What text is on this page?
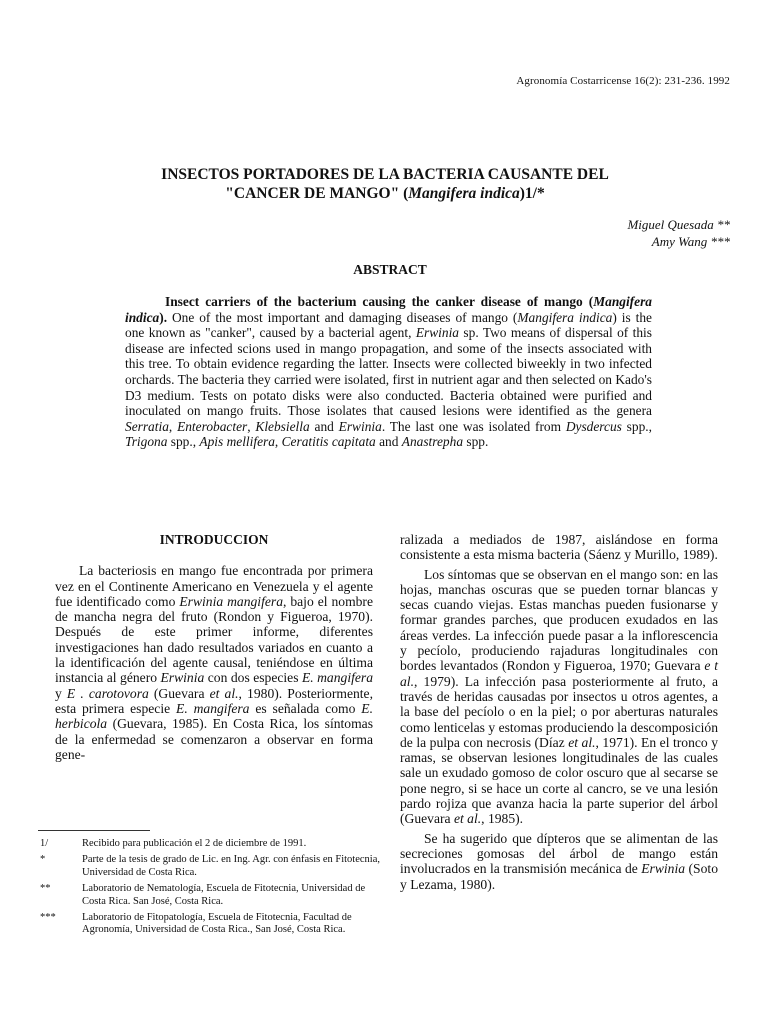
Agronomía Costarricense 16(2): 231-236. 1992
INSECTOS PORTADORES DE LA BACTERIA CAUSANTE DEL
"CANCER DE MANGO" (Mangifera indica)1/*
Miguel Quesada **
Amy Wang ***
ABSTRACT

Insect carriers of the bacterium causing the canker disease of mango (Mangifera indica). One of the most important and damaging diseases of mango (Mangifera indica) is the one known as "canker", caused by a bacterial agent, Erwinia sp. Two means of dispersal of this disease are infected scions used in mango propagation, and some of the insects associated with this tree. To obtain evidence regarding the latter. Insects were collected biweekly in two infected orchards. The bacteria they carried were isolated, first in nutrient agar and then selected on Kado's D3 medium. Tests on potato disks were also conducted. Bacteria obtained were purified and inoculated on mango fruits. Those isolates that caused lesions were identified as the genera Serratia, Enterobacter, Klebsiella and Erwinia. The last one was isolated from Dysdercus spp., Trigona spp., Apis mellifera, Ceratitis capitata and Anastrepha spp.

INTRODUCCION

La bacteriosis en mango fue encontrada por primera vez en el Continente Americano en Venezuela y el agente fue identificado como Erwinia mangifera, bajo el nombre de mancha negra del fruto (Rondon y Figueroa, 1970). Después de este primer informe, diferentes investigaciones han dado resultados variados en cuanto a la identificación del agente causal, teniéndose en última instancia al género Erwinia con dos especies E. mangifera y E . carotovora (Guevara et al., 1980). Posteriormente, esta primera especie E. mangifera es señalada como E. herbicola (Guevara, 1985). En Costa Rica, los síntomas de la enfermedad se comenzaron a observar en forma gene-

ralizada a mediados de 1987, aislándose en forma consistente a esta misma bacteria (Sáenz y Murillo, 1989).

Los síntomas que se observan en el mango son: en las hojas, manchas oscuras que se pueden tornar blancas y secas cuando viejas. Estas manchas pueden fusionarse y formar grandes parches, que producen exudados en las áreas verdes. La infección puede pasar a la inflorescencia y pecíolo, produciendo rajaduras longitudinales con bordes levantados (Rondon y Figueroa, 1970; Guevara e t al., 1979). La infección pasa posteriormente al fruto, a través de heridas causadas por insectos u otros agentes, a la base del pecíolo o en la piel; o por aberturas naturales como lenticelas y estomas produciendo la descomposición de la pulpa con necrosis (Díaz et al., 1971). En el tronco y ramas, se observan lesiones longitudinales de las cuales sale un exudado gomoso de color oscuro que al secarse se pone negro, si se hace un corte al cancro, se ve una lesión pardo rojiza que avanza hacia la parte superior del árbol (Guevara et al., 1985).

Se ha sugerido que dípteros que se alimentan de las secreciones gomosas del árbol de mango están involucrados en la transmisión mecánica de Erwinia (Soto y Lezama, 1980).

1/	Recibido para publicación el 2 de diciembre de 1991.
*	Parte de la tesis de grado de Lic. en Ing. Agr. con énfasis en Fitotecnia, Universidad de Costa Rica.
**	Laboratorio de Nematología, Escuela de Fitotecnia, Universidad de Costa Rica. San José, Costa Rica.
***	Laboratorio de Fitopatología, Escuela de Fitotecnia, Facultad de Agronomía, Universidad de Costa Rica., San José, Costa Rica.
